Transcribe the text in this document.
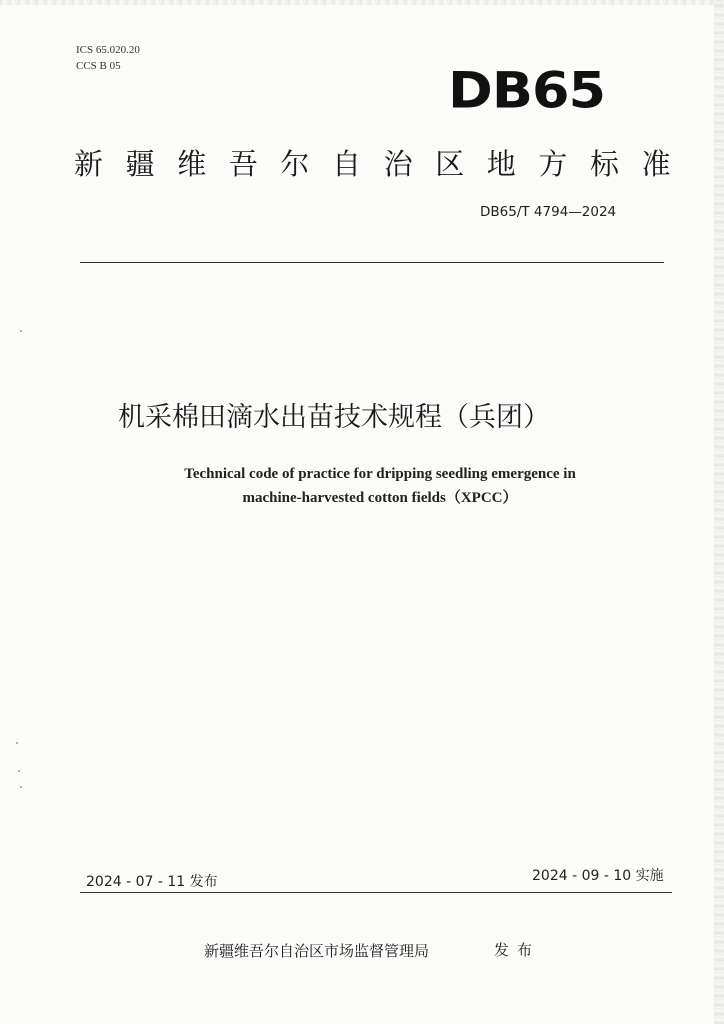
ICS 65.020.20
CCS B 05	DB65
新疆维吾尔自治区地方标准
DB65/T 4794—2024
机采棉田滴水出苗技术规程（兵团）
Technical code of practice for dripping seedling emergence in
machine-harvested cotton fields（XPCC）
2024 - 07 - 11 发布	2024 - 09 - 10 实施
新疆维吾尔自治区市场监督管理局	发布
